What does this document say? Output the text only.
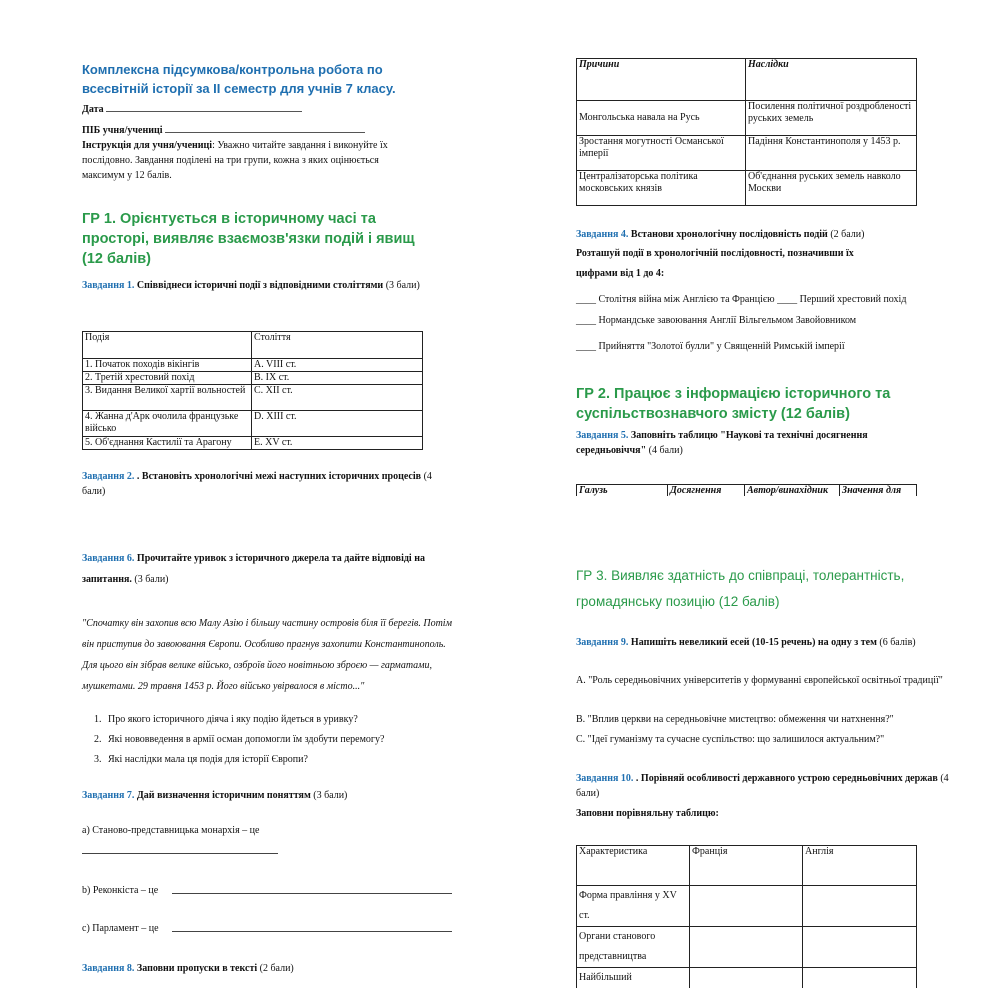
Комплексна підсумкова/контрольна робота по всесвітній історії за ІІ семестр для учнів 7 класу.

Дата

ПІБ учня/учениці

Інструкція для учня/учениці: Уважно читайте завдання і виконуйте їх послідовно. Завдання поділені на три групи, кожна з яких оцінюється максимум у 12 балів.

ГР 1. Орієнтується в історичному часі та просторі, виявляє взаємозв'язки подій і явищ (12 балів)

Завдання 1. Співвіднеси історичні події з відповідними століттями (3 бали)

Подія	Століття
1. Початок походів вікінгів	A. VIII ст.
2. Третій хрестовий похід	B. IX ст.
3. Видання Великої хартії вольностей	C. XII ст.
4. Жанна д'Арк очолила французьке військо	D. XIII ст.
5. Об'єднання Кастилії та Арагону	E. XV ст.

Завдання 2. . Встановіть хронологічні межі наступних історичних процесів (4 бали)

Причини	Наслідки
Монгольська навала на Русь	Посилення політичної роздробленості руських земель
Зростання могутності Османської імперії	Падіння Константинополя у 1453 р.
Централізаторська політика московських князів	Об'єднання руських земель навколо Москви

Завдання 4. Встанови хронологічну послідовність подій (2 бали)

Розташуй події в хронологічній послідовності, позначивши їх цифрами від 1 до 4:

____ Столітня війна між Англією та Францією ____ Перший хрестовий похід

____ Нормандське завоювання Англії Вільгельмом Завойовником

____ Прийняття "Золотої булли" у Священній Римській імперії

ГР 2. Працює з інформацією історичного та суспільствознавчого змісту (12 балів)

Завдання 5. Заповніть таблицю "Наукові та технічні досягнення середньовіччя" (4 бали)

Галузь	Досягнення	Автор/винахідник	Значення для

Завдання 6. Прочитайте уривок з історичного джерела та дайте відповіді на запитання. (3 бали)

"Спочатку він захопив всю Малу Азію і більшу частину островів біля її берегів. Потім він приступив до завоювання Європи. Особливо прагнув захопити Константинополь. Для цього він зібрав велике військо, озброїв його новітньою зброєю — гарматами, мушкетами. 29 травня 1453 р. Його військо увірвалося в місто..."

1. Про якого історичного діяча і яку подію йдеться в уривку?
2. Які нововведення в армії осман допомогли їм здобути перемогу?
3. Які наслідки мала ця подія для історії Європи?

Завдання 7. Дай визначення історичним поняттям (3 бали)

а) Станово-представницька монархія – це

b) Реконкіста – це

c) Парламент – це

Завдання 8. Заповни пропуски в тексті (2 бали)

ГР 3. Виявляє здатність до співпраці, толерантність,

громадянську позицію (12 балів)

Завдання 9. Напишіть невеликий есей (10-15 речень) на одну з тем (6 балів)

A. "Роль середньовічних університетів у формуванні європейської освітньої традиції"

B. "Вплив церкви на середньовічне мистецтво: обмеження чи натхнення?"

C. "Ідеї гуманізму та сучасне суспільство: що залишилося актуальним?"

Завдання 10. . Порівняй особливості державного устрою середньовічних держав (4 бали)

Заповни порівняльну таблицю:

Характеристика	Франція	Англія
Форма правління у XV ст.		
Органи станового представництва		
Найбільший		
